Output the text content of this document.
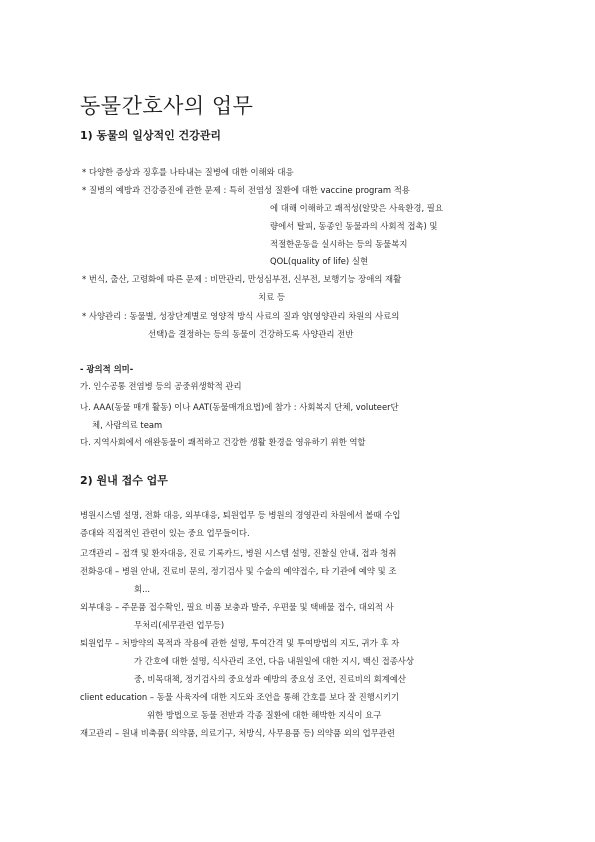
동물간호사의 업무
1) 동물의 일상적인 건강관리
* 다양한 증상과 징후를 나타내는 질병에 대한 이해와 대응
* 질병의 예방과 건강증진에 관한 문제 : 특히 전염성 질환에 대한 vaccine program 적용
에 대해 이해하고 쾌적성(알맞은 사육환경, 필요
량에서 탈피, 동종인 동물과의 사회적 접촉) 및
적절한운동을 실시하는 등의 동물복지
QOL(quality of life) 실현
* 번식, 출산, 고령화에 따른 문제 : 비만관리, 만성심부전, 신부전, 보행기능 장애의 재활
치료 등
* 사양관리 : 동물별, 성장단계별로 영양적 방식 사료의 질과 양(영양관리 차원의 사료의
선택)을 결정하는 등의 동물이 건강하도록 사양관리 전반
- 광의적 의미-
가. 인수공통 전염병 등의 공중위생학적 관리
나. AAA(동물 매개 활동) 이나 AAT(동물매개요법)에 참가 : 사회복지 단체, voluteer단
체, 사람의료 team
다. 지역사회에서 애완동물이 쾌적하고 건강한 생활 환경을 영유하기 위한 역할
2) 원내 접수 업무
병원시스템 설명, 전화 대응, 외부대응, 퇴원업무 등 병원의 경영관리 차원에서 볼때 수입
증대와 직접적인 관련이 있는 중요 업무들이다.
고객관리 – 접객 및 환자대응, 진료 기록카드, 병원 시스템 설명, 진찰실 안내, 접과 청취
전화응대 – 병원 안내, 진료비 문의, 정기검사 및 수술의 예약접수, 타 기관에 예약 및 조
회...
외부대응 – 주문품 접수확인, 필요 비품 보충과 발주, 우편물 및 택배물 접수, 대외적 사
무처리(세무관련 업무등)
퇴원업무 – 처방약의 목적과 작용에 관한 설명, 투여간격 및 투여방법의 지도, 귀가 후 자
가 간호에 대한 설명, 식사관리 조언, 다음 내원일에 대한 지시, 백신 접종사상
중, 비목대책, 정기검사의 중요성과 예방의 중요성 조언, 진료비의 회계예산
client education – 동물 사육자에 대한 지도와 조언을 통해 간호를 보다 잘 진행시키기
위한 방법으로 동물 전반과 각종 질환에 대한 해박한 지식이 요구
재고관리 – 원내 비축품( 의약품, 의료기구, 처방식, 사무용품 등) 의약품 외의 업무관련
